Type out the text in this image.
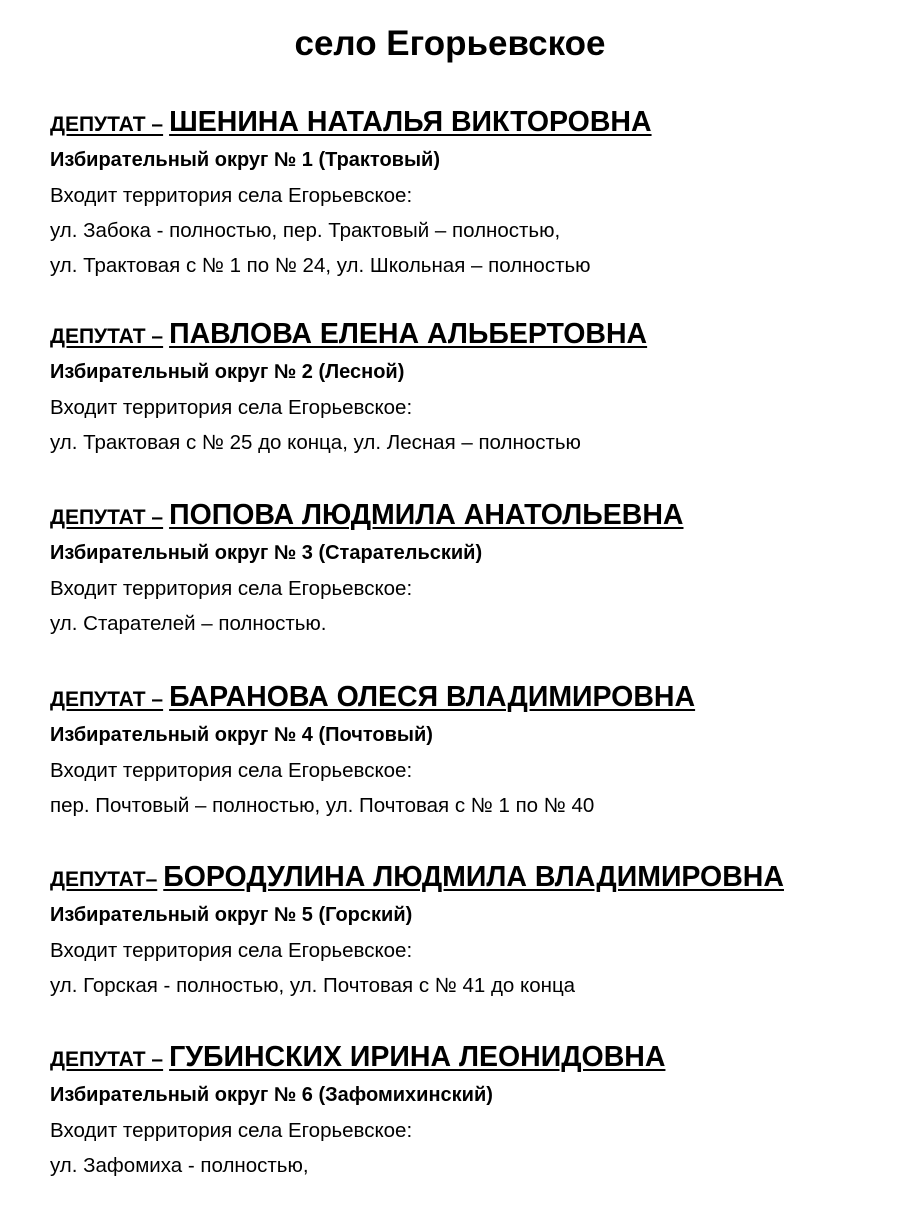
село Егорьевское
ДЕПУТАТ – ШЕНИНА НАТАЛЬЯ ВИКТОРОВНА
Избирательный округ № 1 (Трактовый)
Входит территория села Егорьевское:
ул. Забока - полностью, пер. Трактовый – полностью,
ул. Трактовая с № 1 по № 24, ул. Школьная – полностью
ДЕПУТАТ – ПАВЛОВА ЕЛЕНА АЛЬБЕРТОВНА
Избирательный округ № 2 (Лесной)
Входит территория села Егорьевское:
ул. Трактовая с № 25 до конца, ул. Лесная – полностью
ДЕПУТАТ – ПОПОВА ЛЮДМИЛА АНАТОЛЬЕВНА
Избирательный округ № 3 (Старательский)
Входит территория села Егорьевское:
ул. Старателей – полностью.
ДЕПУТАТ – БАРАНОВА ОЛЕСЯ ВЛАДИМИРОВНА
Избирательный округ № 4 (Почтовый)
Входит территория села Егорьевское:
пер. Почтовый – полностью, ул. Почтовая с № 1 по № 40
ДЕПУТАТ– БОРОДУЛИНА ЛЮДМИЛА ВЛАДИМИРОВНА
Избирательный округ № 5 (Горский)
Входит территория села Егорьевское:
ул. Горская - полностью, ул. Почтовая с № 41 до конца
ДЕПУТАТ – ГУБИНСКИХ ИРИНА ЛЕОНИДОВНА
Избирательный округ № 6 (Зафомихинский)
Входит территория села Егорьевское:
ул. Зафомиха - полностью,
